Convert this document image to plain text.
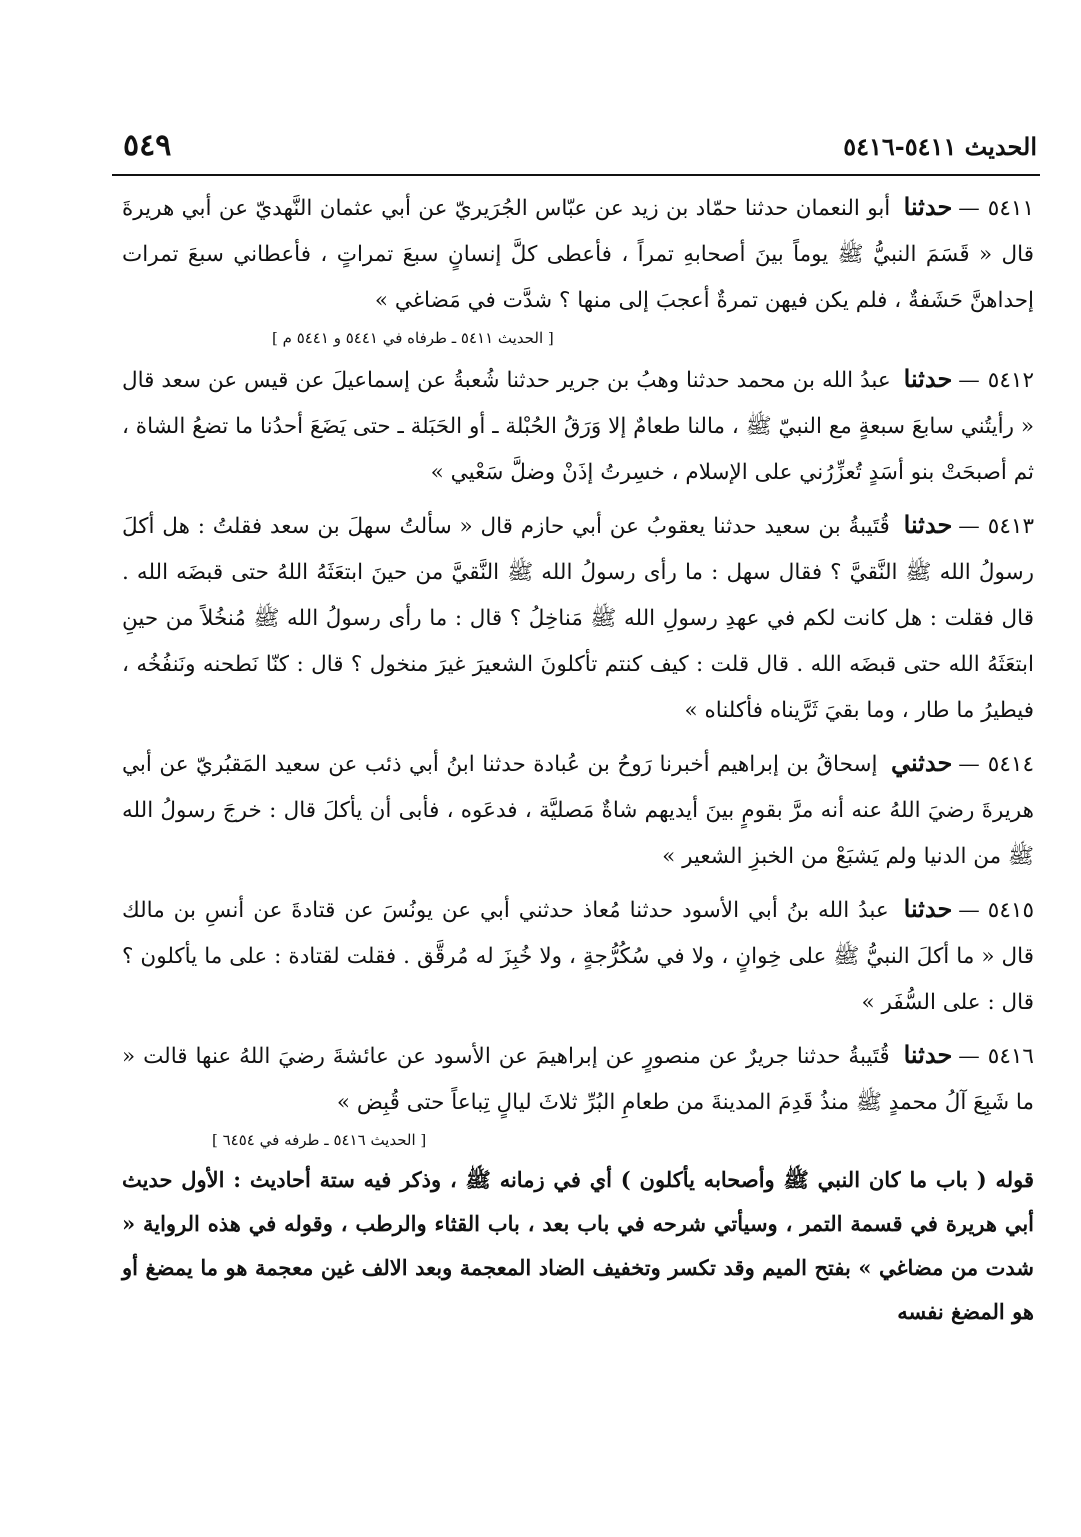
الحديث ٥٤١١-٥٤١٦
٥٤٩

٥٤١١—حدثنا أبو النعمان حدثنا حمّاد بن زيد عن عبّاس الجُرَيريّ عن أبي عثمان النَّهديّ عن أبي هريرةَ قال « قَسَمَ النبيُّ ﷺ يوماً بينَ أصحابهِ تمراً ، فأعطى كلَّ إنسانٍ سبعَ تمراتٍ ، فأعطاني سبعَ تمرات إحداهنَّ حَشَفةٌ ، فلم يكن فيهن تمرةٌ أعجبَ إلى منها ؟ شدَّت في مَضاغي »

[ الحديث ٥٤١١ ـ طرفاه في ٥٤٤١ و ٥٤٤١ م ]

٥٤١٢—حدثنا عبدُ الله بن محمد حدثنا وهبُ بن جرير حدثنا شُعبةُ عن إسماعيلَ عن قيس عن سعد قال « رأيتُني سابعَ سبعةٍ مع النبيّ ﷺ ، مالنا طعامٌ إلا وَرَقُ الحُبْلة ـ أو الحَبَلة ـ حتى يَضَعَ أحدُنا ما تضعُ الشاة ، ثم أصبحَتْ بنو أسَدٍ تُعزِّرُني على الإسلام ، خسِرتُ إذَنْ وضلَّ سَعْيي »

٥٤١٣—حدثنا قُتَيبةُ بن سعيد حدثنا يعقوبُ عن أبي حازم قال « سألتُ سهلَ بن سعد فقلتُ : هل أكلَ رسولُ الله ﷺ النَّقيَّ ؟ فقال سهل : ما رأى رسولُ الله ﷺ النَّقيَّ من حينَ ابتعَثَهُ اللهُ حتى قبضَه الله . قال فقلت : هل كانت لكم في عهدِ رسولِ الله ﷺ مَناخِلُ ؟ قال : ما رأى رسولُ الله ﷺ مُنخُلاً من حينِ ابتعَثَهُ الله حتى قبضَه الله . قال قلت : كيف كنتم تأكلونَ الشعيرَ غيرَ منخول ؟ قال : كنّا نَطحنه ونَنفُخُه ، فيطيرُ ما طار ، وما بقيَ ثَرَّيناه فأكلناه »

٥٤١٤—حدثني إسحاقُ بن إبراهيم أخبرنا رَوحُ بن عُبادة حدثنا ابنُ أبي ذئب عن سعيد المَقبُريّ عن أبي هريرةَ رضيَ اللهُ عنه أنه مرَّ بقومٍ بينَ أيديهم شاةٌ مَصليَّة ، فدعَوه ، فأبى أن يأكلَ قال : خرجَ رسولُ الله ﷺ من الدنيا ولم يَشبَعْ من الخبزِ الشعير »

٥٤١٥—حدثنا عبدُ الله بنُ أبي الأسود حدثنا مُعاذ حدثني أبي عن يونُسَ عن قتادةَ عن أنسِ بن مالك قال « ما أكلَ النبيُّ ﷺ على خِوانٍ ، ولا في سُكُرُّجةٍ ، ولا خُبِزَ له مُرقَّق . فقلت لقتادة : على ما يأكلون ؟ قال : على السُّفَر »

٥٤١٦—حدثنا قُتَيبةُ حدثنا جريرٌ عن منصورٍ عن إبراهيمَ عن الأسود عن عائشةَ رضيَ اللهُ عنها قالت « ما شَبِعَ آلُ محمدٍ ﷺ منذُ قَدِمَ المدينةَ من طعامِ البُرِّ ثلاثَ ليالٍ تِباعاً حتى قُبِض »

[ الحديث ٥٤١٦ ـ طرفه في ٦٤٥٤ ]

قوله ( باب ما كان النبي ﷺ وأصحابه يأكلون ) أي في زمانه ﷺ ، وذكر فيه ستة أحاديث : الأول حديث أبي هريرة في قسمة التمر ، وسيأتي شرحه في باب بعد ، باب القثاء والرطب ، وقوله في هذه الرواية « شدت من مضاغي » بفتح الميم وقد تكسر وتخفيف الضاد المعجمة وبعد الالف غين معجمة هو ما يمضغ أو هو المضغ نفسه
